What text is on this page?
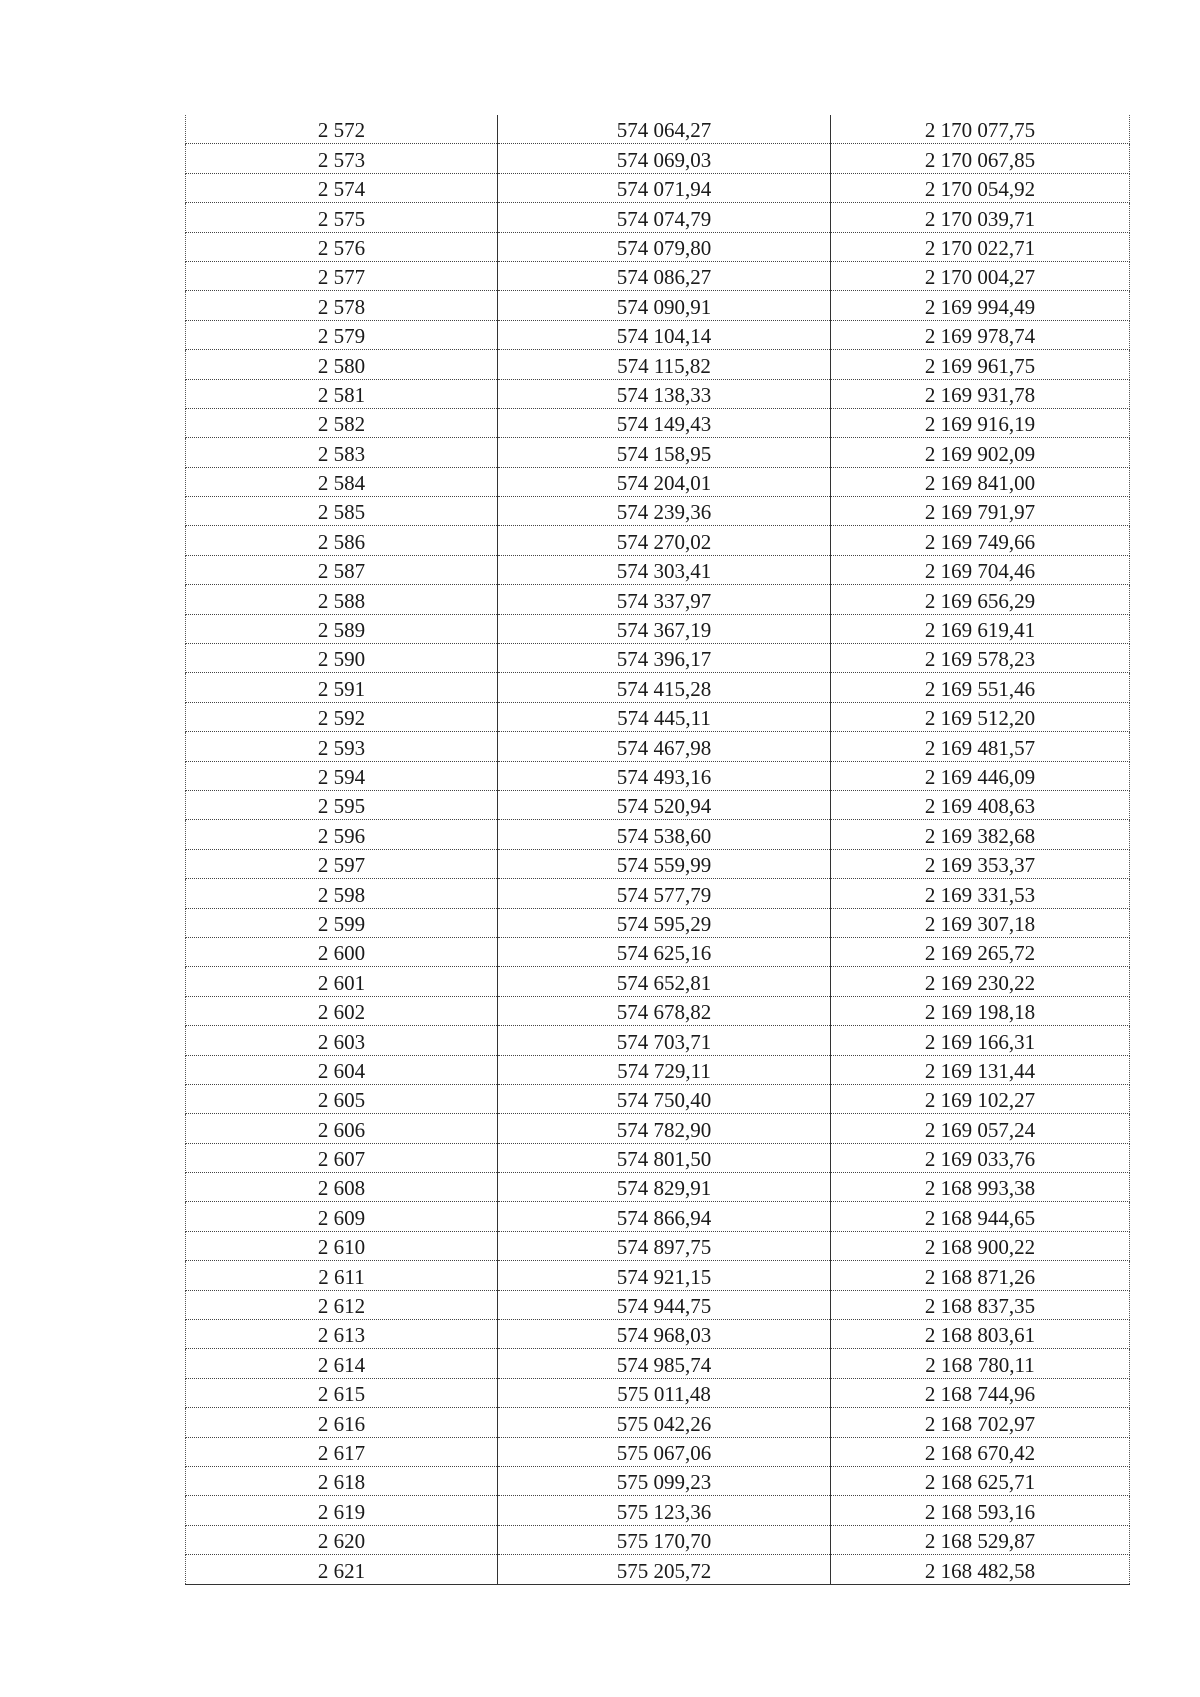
2 572	574 064,27	2 170 077,75
2 573	574 069,03	2 170 067,85
2 574	574 071,94	2 170 054,92
2 575	574 074,79	2 170 039,71
2 576	574 079,80	2 170 022,71
2 577	574 086,27	2 170 004,27
2 578	574 090,91	2 169 994,49
2 579	574 104,14	2 169 978,74
2 580	574 115,82	2 169 961,75
2 581	574 138,33	2 169 931,78
2 582	574 149,43	2 169 916,19
2 583	574 158,95	2 169 902,09
2 584	574 204,01	2 169 841,00
2 585	574 239,36	2 169 791,97
2 586	574 270,02	2 169 749,66
2 587	574 303,41	2 169 704,46
2 588	574 337,97	2 169 656,29
2 589	574 367,19	2 169 619,41
2 590	574 396,17	2 169 578,23
2 591	574 415,28	2 169 551,46
2 592	574 445,11	2 169 512,20
2 593	574 467,98	2 169 481,57
2 594	574 493,16	2 169 446,09
2 595	574 520,94	2 169 408,63
2 596	574 538,60	2 169 382,68
2 597	574 559,99	2 169 353,37
2 598	574 577,79	2 169 331,53
2 599	574 595,29	2 169 307,18
2 600	574 625,16	2 169 265,72
2 601	574 652,81	2 169 230,22
2 602	574 678,82	2 169 198,18
2 603	574 703,71	2 169 166,31
2 604	574 729,11	2 169 131,44
2 605	574 750,40	2 169 102,27
2 606	574 782,90	2 169 057,24
2 607	574 801,50	2 169 033,76
2 608	574 829,91	2 168 993,38
2 609	574 866,94	2 168 944,65
2 610	574 897,75	2 168 900,22
2 611	574 921,15	2 168 871,26
2 612	574 944,75	2 168 837,35
2 613	574 968,03	2 168 803,61
2 614	574 985,74	2 168 780,11
2 615	575 011,48	2 168 744,96
2 616	575 042,26	2 168 702,97
2 617	575 067,06	2 168 670,42
2 618	575 099,23	2 168 625,71
2 619	575 123,36	2 168 593,16
2 620	575 170,70	2 168 529,87
2 621	575 205,72	2 168 482,58
